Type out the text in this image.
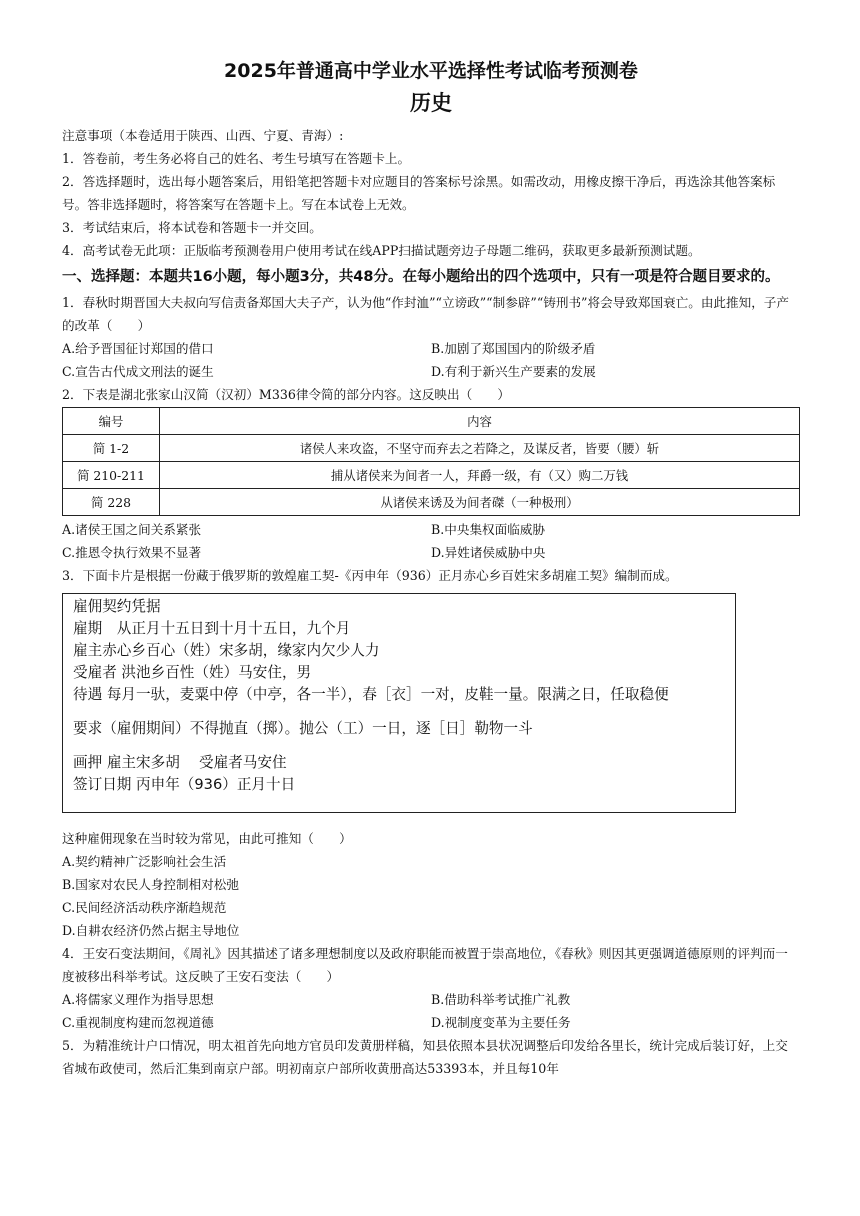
2025年普通高中学业水平选择性考试临考预测卷
历史

注意事项（本卷适用于陕西、山西、宁夏、青海）:

1．答卷前，考生务必将自己的姓名、考生号填写在答题卡上。

2．答选择题时，选出每小题答案后，用铅笔把答题卡对应题目的答案标号涂黑。如需改动，用橡皮擦干净后，再选涂其他答案标号。答非选择题时，将答案写在答题卡上。写在本试卷上无效。

3．考试结束后，将本试卷和答题卡一并交回。

4．高考试卷无此项：正版临考预测卷用户使用考试在线APP扫描试题旁边子母题二维码，获取更多最新预测试题。

一、选择题：本题共16小题，每小题3分，共48分。在每小题给出的四个选项中，只有一项是符合题目要求的。

1．春秋时期晋国大夫叔向写信责备郑国大夫子产，认为他“作封洫”“立谤政”“制参辟”“铸刑书”将会导致郑国衰亡。由此推知，子产的改革（　　）

A.给予晋国征讨郑国的借口	B.加剧了郑国国内的阶级矛盾
C.宣告古代成文刑法的诞生	D.有利于新兴生产要素的发展

2．下表是湖北张家山汉简（汉初）M336律令简的部分内容。这反映出（　　）

编号	内容
简 1-2	诸侯人来攻盗，不坚守而弃去之若降之，及谋反者，皆要（腰）斩
简 210-211	捕从诸侯来为间者一人，拜爵一级，有（又）购二万钱
简 228	从诸侯来诱及为间者磔（一种极刑）
A.诸侯王国之间关系紧张	B.中央集权面临威胁
C.推恩令执行效果不显著	D.异姓诸侯威胁中央

3．下面卡片是根据一份藏于俄罗斯的敦煌雇工契-《丙申年（936）正月赤心乡百姓宋多胡雇工契》编制而成。

雇佣契约凭据
雇期　从正月十五日到十月十五日，九个月
雇主赤心乡百心（姓）宋多胡，缘家内欠少人力
受雇者 洪池乡百性（姓）马安住，男
待遇 每月一驮，麦粟中停（中亭，各一半），春［衣］一对，皮鞋一量。限满之日，任取稳便
要求（雇佣期间）不得抛直（掷）。抛公（工）一日，逐［日］勒物一斗
画押 雇主宋多胡　 受雇者马安住
签订日期 丙申年（936）正月十日

这种雇佣现象在当时较为常见，由此可推知（　　）

A.契约精神广泛影响社会生活
B.国家对农民人身控制相对松弛
C.民间经济活动秩序渐趋规范
D.自耕农经济仍然占据主导地位

4．王安石变法期间，《周礼》因其描述了诸多理想制度以及政府职能而被置于崇高地位，《春秋》则因其更强调道德原则的评判而一度被移出科举考试。这反映了王安石变法（　　）

A.将儒家义理作为指导思想	B.借助科举考试推广礼教
C.重视制度构建而忽视道德	D.视制度变革为主要任务

5．为精准统计户口情况，明太祖首先向地方官员印发黄册样稿，知县依照本县状况调整后印发给各里长，统计完成后装订好，上交省城布政使司，然后汇集到南京户部。明初南京户部所收黄册高达53393本，并且每10年
